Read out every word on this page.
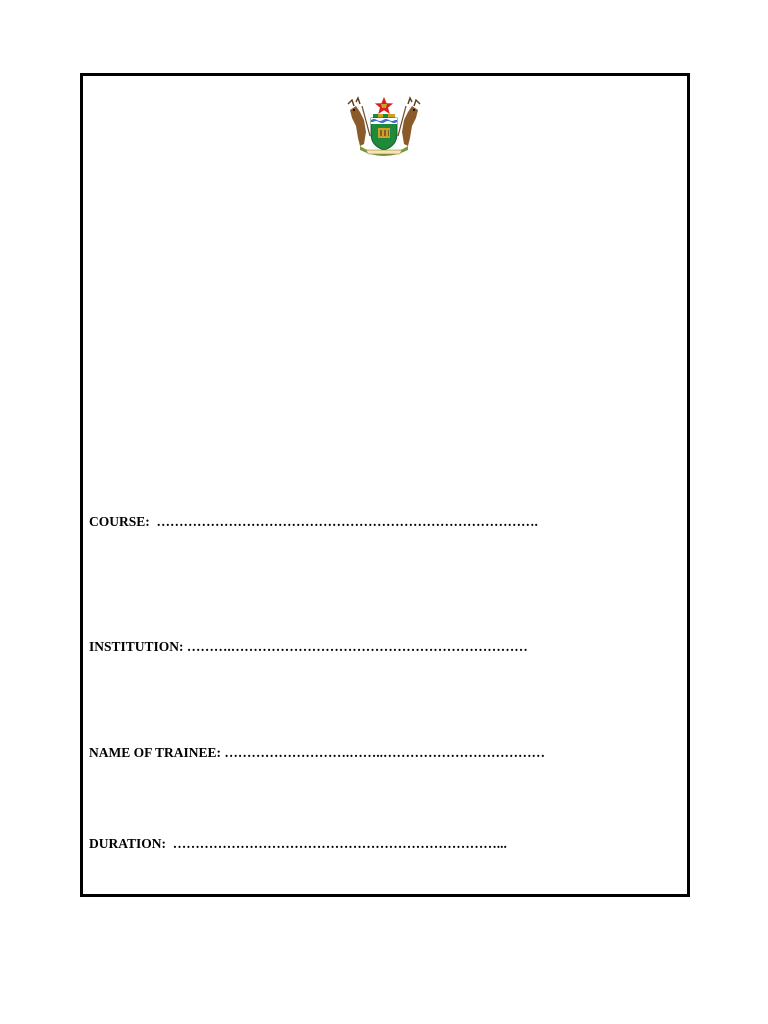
COURSE:  ………………………………………………………………………….
INSTITUTION: ……….…………………………………………………………
NAME OF TRAINEE: ……………………….……..………………………………
DURATION:  ………………………………………………………………...
